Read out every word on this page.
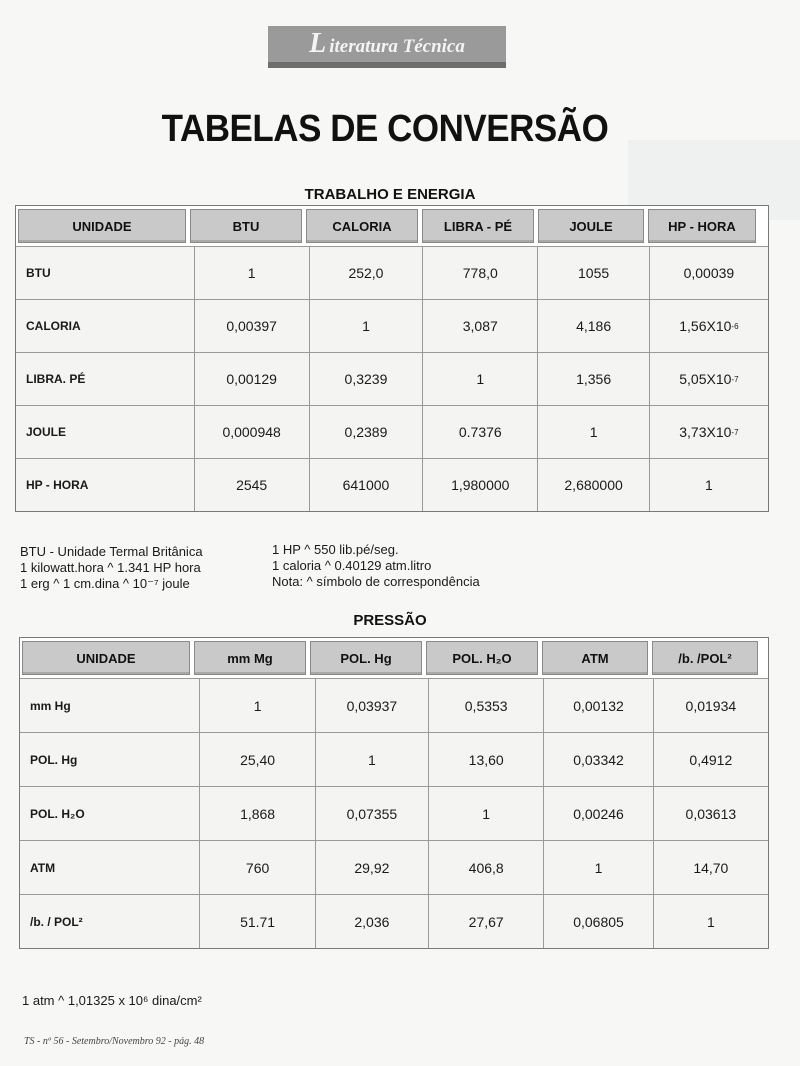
L iteratura Técnica
TABELAS DE CONVERSÃO
TRABALHO E ENERGIA
UNIDADE	BTU	CALORIA	LIBRA - PÉ	JOULE	HP - HORA
BTU	1	252,0	778,0	1055	0,00039
CALORIA	0,00397	1	3,087	4,186	1,56X10 -6
LIBRA. PÉ	0,00129	0,3239	1	1,356	5,05X10 -7
JOULE	0,000948	0,2389	0.7376	1	3,73X10 -7
HP - HORA	2545	641000	1,980000	2,680000	1
BTU - Unidade Termal Britânica
1 kilowatt.hora ^ 1.341 HP hora
1 erg ^ 1 cm.dina ^ 10⁻⁷ joule
1 HP ^ 550 lib.pé/seg.
1 caloria ^ 0.40129 atm.litro
Nota: ^ símbolo de correspondência
PRESSÃO
UNIDADE	mm Mg	POL. Hg	POL. H₂O	ATM	/b. /POL²
mm Hg	1	0,03937	0,5353	0,00132	0,01934
POL. Hg	25,40	1	13,60	0,03342	0,4912
POL. H₂O	1,868	0,07355	1	0,00246	0,03613
ATM	760	29,92	406,8	1	14,70
/b. / POL²	51.71	2,036	27,67	0,06805	1
1 atm ^ 1,01325 x 10⁶ dina/cm²
TS - nº 56 - Setembro/Novembro 92 - pág. 48
